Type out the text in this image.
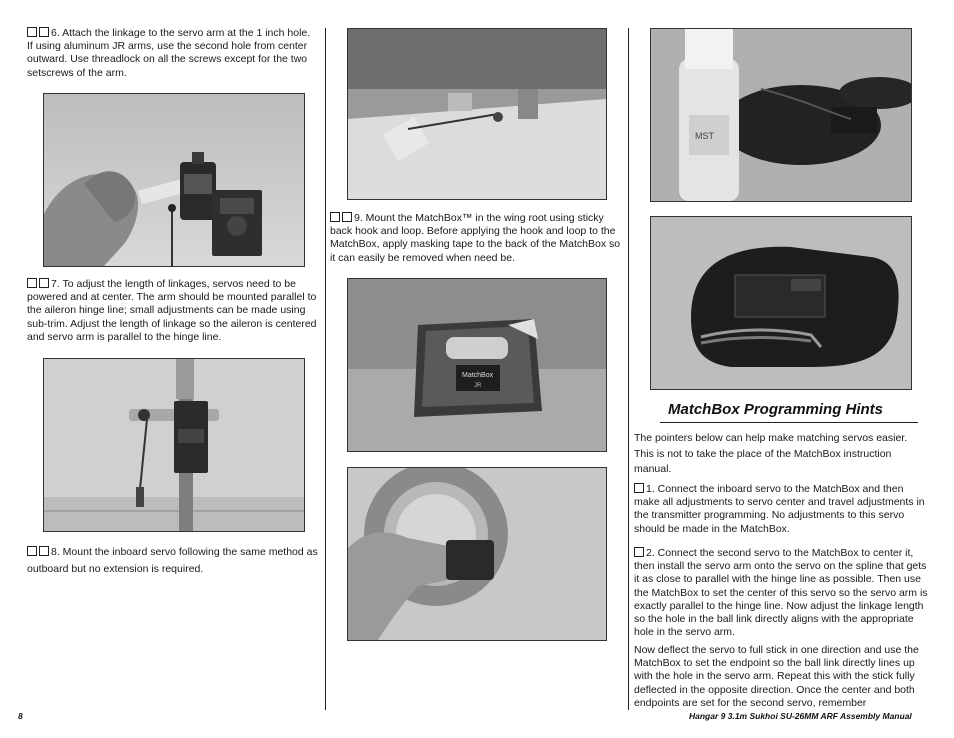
6. Attach the linkage to the servo arm at the 1 inch hole. If using aluminum JR arms, use the second hole from center outward. Use threadlock on all the screws except for the two setscrews of the arm.
7. To adjust the length of linkages, servos need to be powered and at center. The arm should be mounted parallel to the aileron hinge line; small adjustments can be made using sub-trim. Adjust the length of linkage so the aileron is centered and servo arm is parallel to the hinge line.
8. Mount the inboard servo following the same method as outboard but no extension is required.
9. Mount the MatchBox™ in the wing root using sticky back hook and loop. Before applying the hook and loop to the MatchBox, apply masking tape to the back of the MatchBox so it can easily be removed when need be.
MatchBox
JR
MST
MatchBox Programming Hints
The pointers below can help make matching servos easier. This is not to take the place of the MatchBox instruction manual.
1. Connect the inboard servo to the MatchBox and then make all adjustments to servo center and travel adjustments in the transmitter programming. No adjustments to this servo should be made in the MatchBox.
2. Connect the second servo to the MatchBox to center it, then install the servo arm onto the servo on the spline that gets it as close to parallel with the hinge line as possible. Then use the MatchBox to set the center of this servo so the servo arm is exactly parallel to the hinge line. Now adjust the linkage length so the hole in the ball link directly aligns with the appropriate hole in the servo arm.
Now deflect the servo to full stick in one direction and use the MatchBox to set the endpoint so the ball link directly lines up with the hole in the servo arm. Repeat this with the stick fully deflected in the opposite direction. Once the center and both endpoints are set for the second servo, remember
8	Hangar 9 3.1m Sukhoi SU-26MM ARF Assembly Manual
